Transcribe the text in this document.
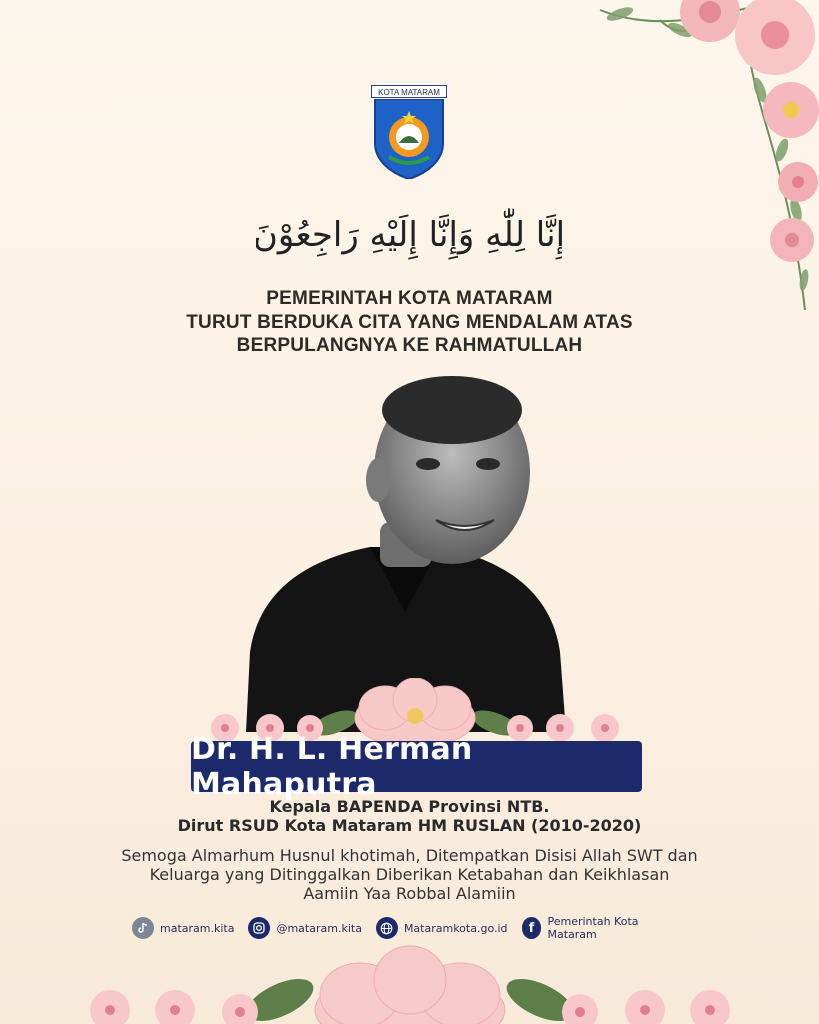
KOTA MATARAM
إِنَّا لِلّٰهِ وَإِنَّا إِلَيْهِ رَاجِعُوْنَ
PEMERINTAH KOTA MATARAM
TURUT BERDUKA CITA YANG MENDALAM ATAS
BERPULANGNYA KE RAHMATULLAH
Dr. H. L. Herman Mahaputra
Kepala BAPENDA Provinsi NTB.
Dirut RSUD Kota Mataram HM RUSLAN (2010-2020)
Semoga Almarhum Husnul khotimah, Ditempatkan Disisi Allah SWT dan
Keluarga yang Ditinggalkan Diberikan Ketabahan dan Keikhlasan
Aamiin Yaa Robbal Alamiin
mataram.kita	@mataram.kita	Mataramkota.go.id f Pemerintah Kota Mataram
